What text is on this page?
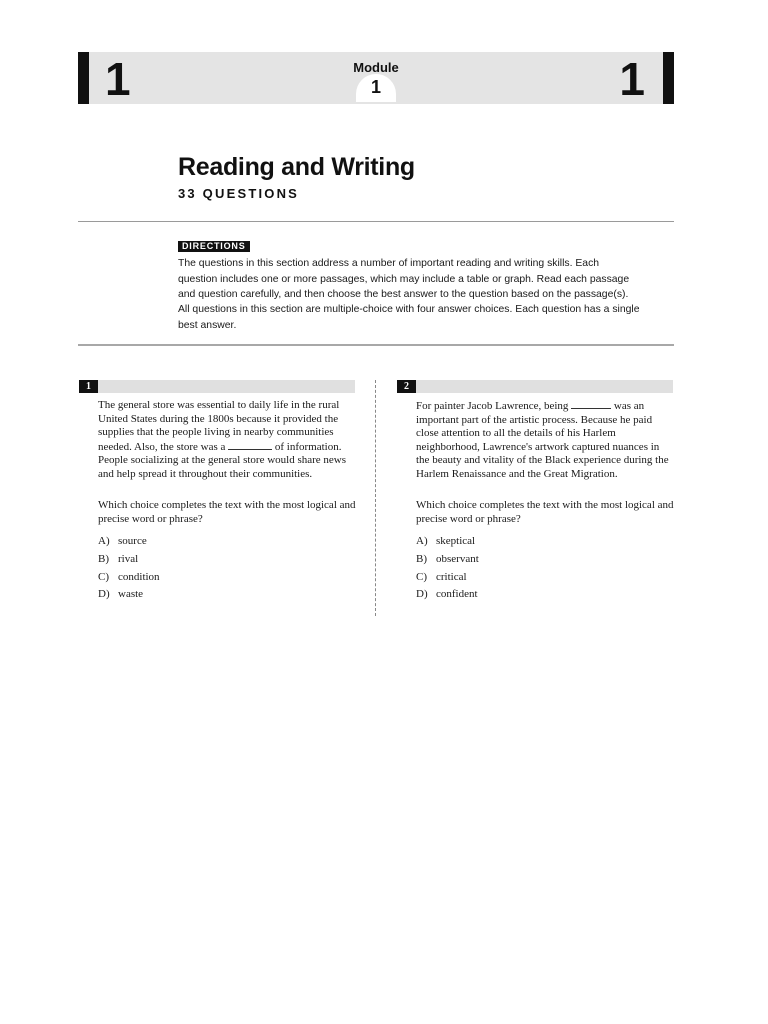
1	Module
1	1
Reading and Writing
33 QUESTIONS
DIRECTIONS

The questions in this section address a number of important reading and writing skills. Each question includes one or more passages, which may include a table or graph. Read each passage and question carefully, and then choose the best answer to the question based on the passage(s).

All questions in this section are multiple-choice with four answer choices. Each question has a single best answer.

1

The general store was essential to daily life in the rural United States during the 1800s because it provided the supplies that the people living in nearby communities needed. Also, the store was a	of information. People socializing at the general store would share news and help spread it throughout their communities.

Which choice completes the text with the most logical and precise word or phrase?

A) source
B) rival
C) condition
D) waste
2

For painter Jacob Lawrence, being	was an important part of the artistic process. Because he paid close attention to all the details of his Harlem neighborhood, Lawrence's artwork captured nuances in the beauty and vitality of the Black experience during the Harlem Renaissance and the Great Migration.

Which choice completes the text with the most logical and precise word or phrase?

A) skeptical
B) observant
C) critical
D) confident
